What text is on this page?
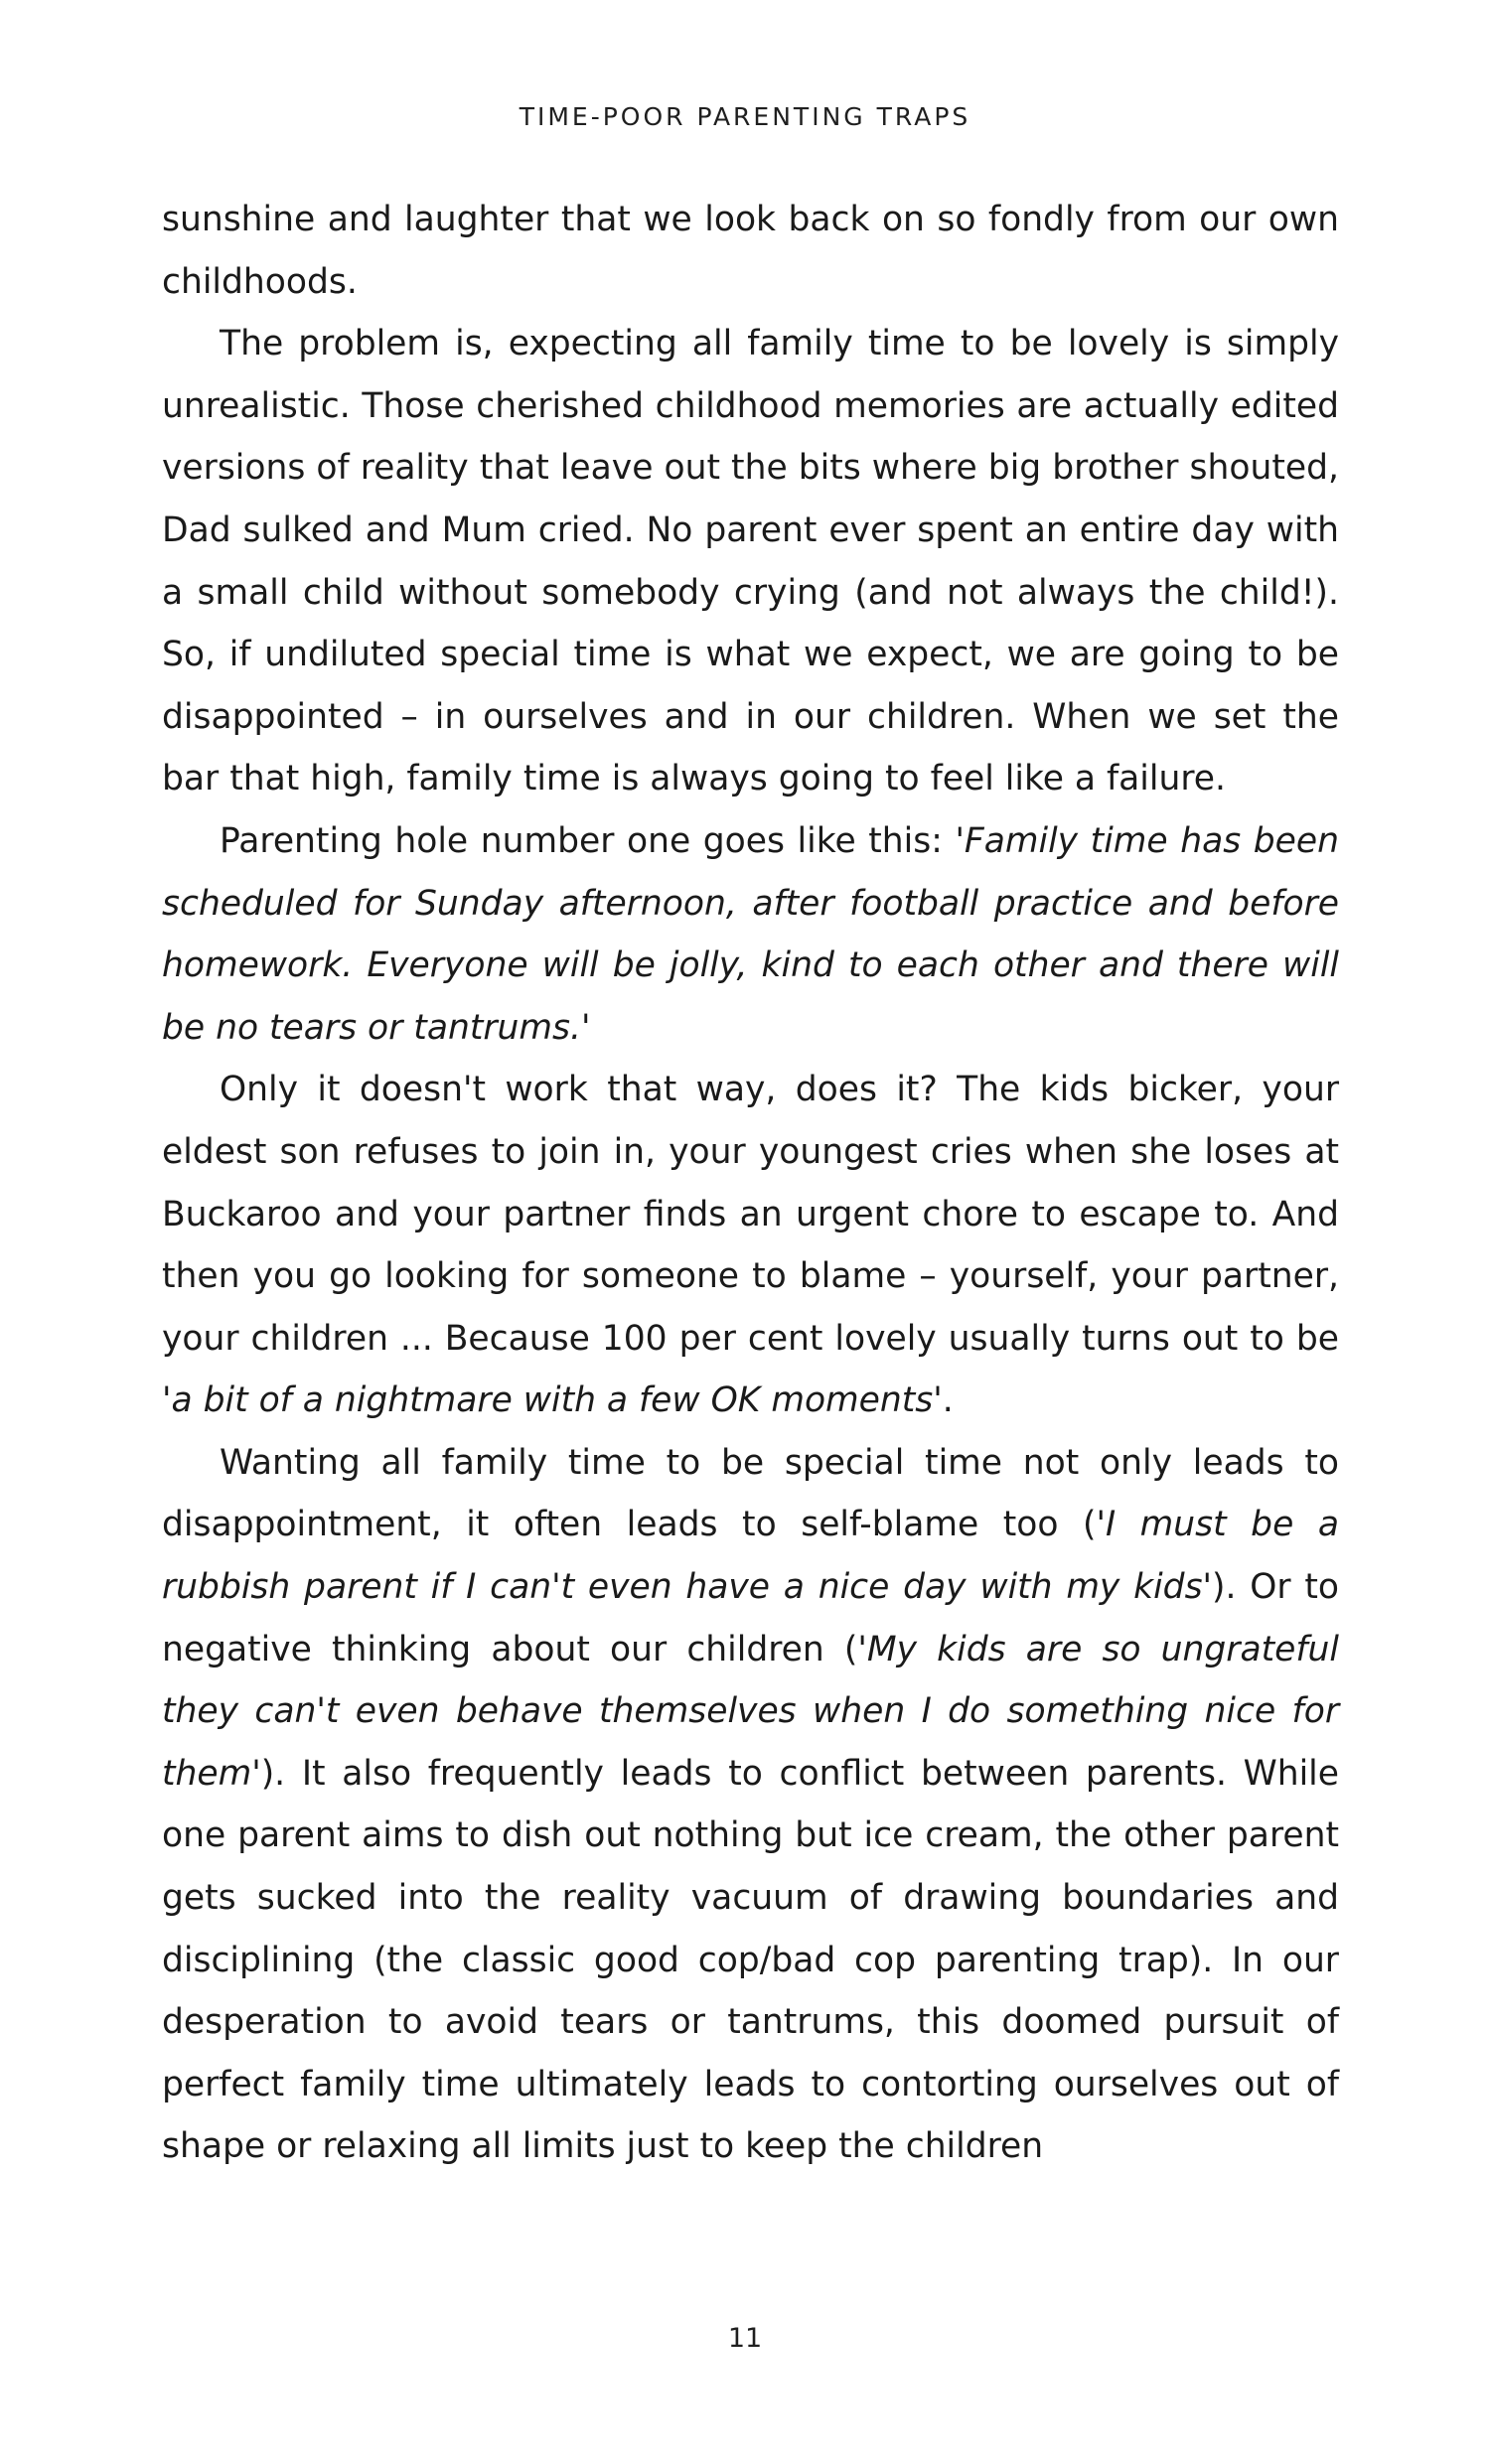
TIME-POOR PARENTING TRAPS

sunshine and laughter that we look back on so fondly from our own childhoods.

The problem is, expecting all family time to be lovely is simply unrealistic. Those cherished childhood memories are actually edited versions of reality that leave out the bits where big brother shouted, Dad sulked and Mum cried. No parent ever spent an entire day with a small child without somebody crying (and not always the child!). So, if undiluted special time is what we expect, we are going to be disappointed – in ourselves and in our children. When we set the bar that high, family time is always going to feel like a failure.

Parenting hole number one goes like this: 'Family time has been scheduled for Sunday afternoon, after football practice and before homework. Everyone will be jolly, kind to each other and there will be no tears or tantrums.'

Only it doesn't work that way, does it? The kids bicker, your eldest son refuses to join in, your youngest cries when she loses at Buckaroo and your partner finds an urgent chore to escape to. And then you go looking for someone to blame – yourself, your partner, your children ... Because 100 per cent lovely usually turns out to be 'a bit of a nightmare with a few OK moments'.

Wanting all family time to be special time not only leads to disappointment, it often leads to self-blame too ('I must be a rubbish parent if I can't even have a nice day with my kids'). Or to negative thinking about our children ('My kids are so ungrateful they can't even behave themselves when I do something nice for them'). It also frequently leads to conflict between parents. While one parent aims to dish out nothing but ice cream, the other parent gets sucked into the reality vacuum of drawing boundaries and disciplining (the classic good cop/bad cop parenting trap). In our desperation to avoid tears or tantrums, this doomed pursuit of perfect family time ultimately leads to contorting ourselves out of shape or relaxing all limits just to keep the children

11
